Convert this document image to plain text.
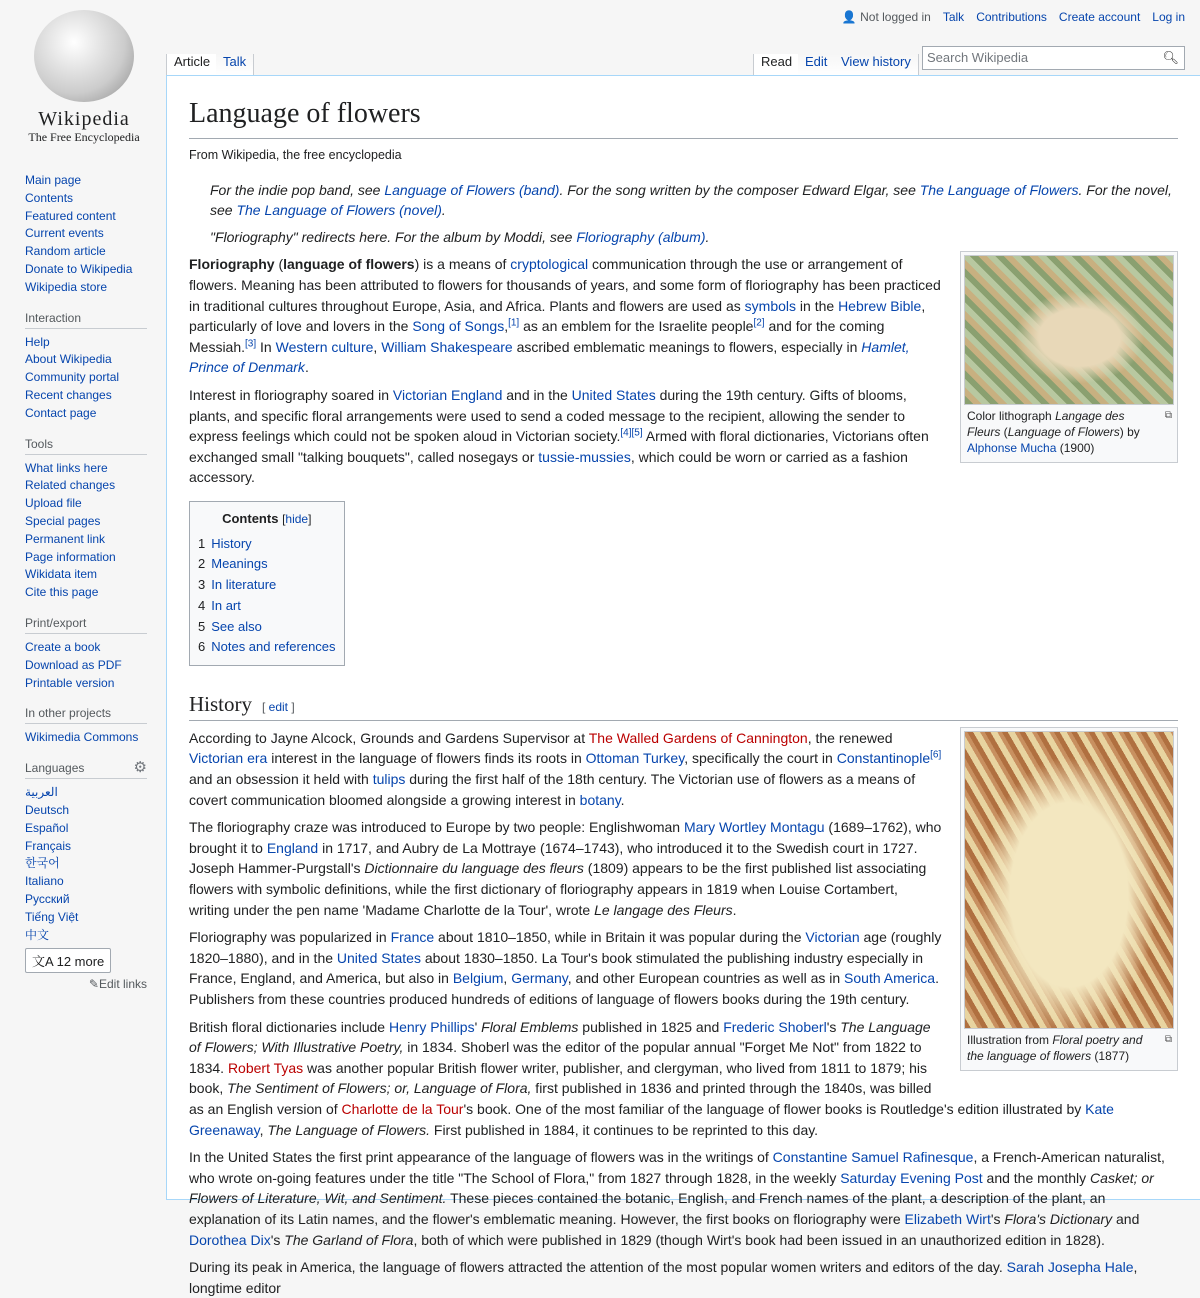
Wikipedia
The Free Encyclopedia
👤 Not logged in Talk Contributions Create account Log in
Article Talk	Read Edit	View history	Search Wikipedia	🔍︎
Main page
Contents
Featured content
Current events
Random article
Donate to Wikipedia
Wikipedia store
Interaction
Help
About Wikipedia
Community portal
Recent changes
Contact page
Tools
What links here
Related changes
Upload file
Special pages
Permanent link
Page information
Wikidata item
Cite this page
Print/export
Create a book
Download as PDF
Printable version
In other projects
Wikimedia Commons
Languages	⚙
العربية
Deutsch
Español
Français
한국어
Italiano
Русский
Tiếng Việt
中文
文A 12 more
✎Edit links
Language of flowers
From Wikipedia, the free encyclopedia
For the indie pop band, see Language of Flowers (band). For the song written by the composer Edward Elgar, see The Language of Flowers. For the novel, see The Language of Flowers (novel).
"Floriography" redirects here. For the album by Moddi, see Floriography (album).
Color lithograph Langage des Fleurs (Language of Flowers) by Alphonse Mucha (1900)
⧉

Floriography (language of flowers) is a means of cryptological communication through the use or arrangement of flowers. Meaning has been attributed to flowers for thousands of years, and some form of floriography has been practiced in traditional cultures throughout Europe, Asia, and Africa. Plants and flowers are used as symbols in the Hebrew Bible, particularly of love and lovers in the Song of Songs,[1] as an emblem for the Israelite people[2] and for the coming Messiah.[3] In Western culture, William Shakespeare ascribed emblematic meanings to flowers, especially in Hamlet, Prince of Denmark.

Interest in floriography soared in Victorian England and in the United States during the 19th century. Gifts of blooms, plants, and specific floral arrangements were used to send a coded message to the recipient, allowing the sender to express feelings which could not be spoken aloud in Victorian society.[4][5] Armed with floral dictionaries, Victorians often exchanged small "talking bouquets", called nosegays or tussie-mussies, which could be worn or carried as a fashion accessory.

Contents [hide]
1 History
2 Meanings
3 In literature
4 In art
5 See also
6 Notes and references
History [ edit ]
Illustration from Floral poetry and the language of flowers (1877)
⧉

According to Jayne Alcock, Grounds and Gardens Supervisor at The Walled Gardens of Cannington, the renewed Victorian era interest in the language of flowers finds its roots in Ottoman Turkey, specifically the court in Constantinople[6] and an obsession it held with tulips during the first half of the 18th century. The Victorian use of flowers as a means of covert communication bloomed alongside a growing interest in botany.

The floriography craze was introduced to Europe by two people: Englishwoman Mary Wortley Montagu (1689–1762), who brought it to England in 1717, and Aubry de La Mottraye (1674–1743), who introduced it to the Swedish court in 1727. Joseph Hammer-Purgstall's Dictionnaire du language des fleurs (1809) appears to be the first published list associating flowers with symbolic definitions, while the first dictionary of floriography appears in 1819 when Louise Cortambert, writing under the pen name 'Madame Charlotte de la Tour', wrote Le langage des Fleurs.

Floriography was popularized in France about 1810–1850, while in Britain it was popular during the Victorian age (roughly 1820–1880), and in the United States about 1830–1850. La Tour's book stimulated the publishing industry especially in France, England, and America, but also in Belgium, Germany, and other European countries as well as in South America. Publishers from these countries produced hundreds of editions of language of flowers books during the 19th century.

British floral dictionaries include Henry Phillips' Floral Emblems published in 1825 and Frederic Shoberl's The Language of Flowers; With Illustrative Poetry, in 1834. Shoberl was the editor of the popular annual "Forget Me Not" from 1822 to 1834. Robert Tyas was another popular British flower writer, publisher, and clergyman, who lived from 1811 to 1879; his book, The Sentiment of Flowers; or, Language of Flora, first published in 1836 and printed through the 1840s, was billed as an English version of Charlotte de la Tour's book. One of the most familiar of the language of flower books is Routledge's edition illustrated by Kate Greenaway, The Language of Flowers. First published in 1884, it continues to be reprinted to this day.

In the United States the first print appearance of the language of flowers was in the writings of Constantine Samuel Rafinesque, a French-American naturalist, who wrote on-going features under the title "The School of Flora," from 1827 through 1828, in the weekly Saturday Evening Post and the monthly Casket; or Flowers of Literature, Wit, and Sentiment. These pieces contained the botanic, English, and French names of the plant, a description of the plant, an explanation of its Latin names, and the flower's emblematic meaning. However, the first books on floriography were Elizabeth Wirt's Flora's Dictionary and Dorothea Dix's The Garland of Flora, both of which were published in 1829 (though Wirt's book had been issued in an unauthorized edition in 1828).

During its peak in America, the language of flowers attracted the attention of the most popular women writers and editors of the day. Sarah Josepha Hale, longtime editor
